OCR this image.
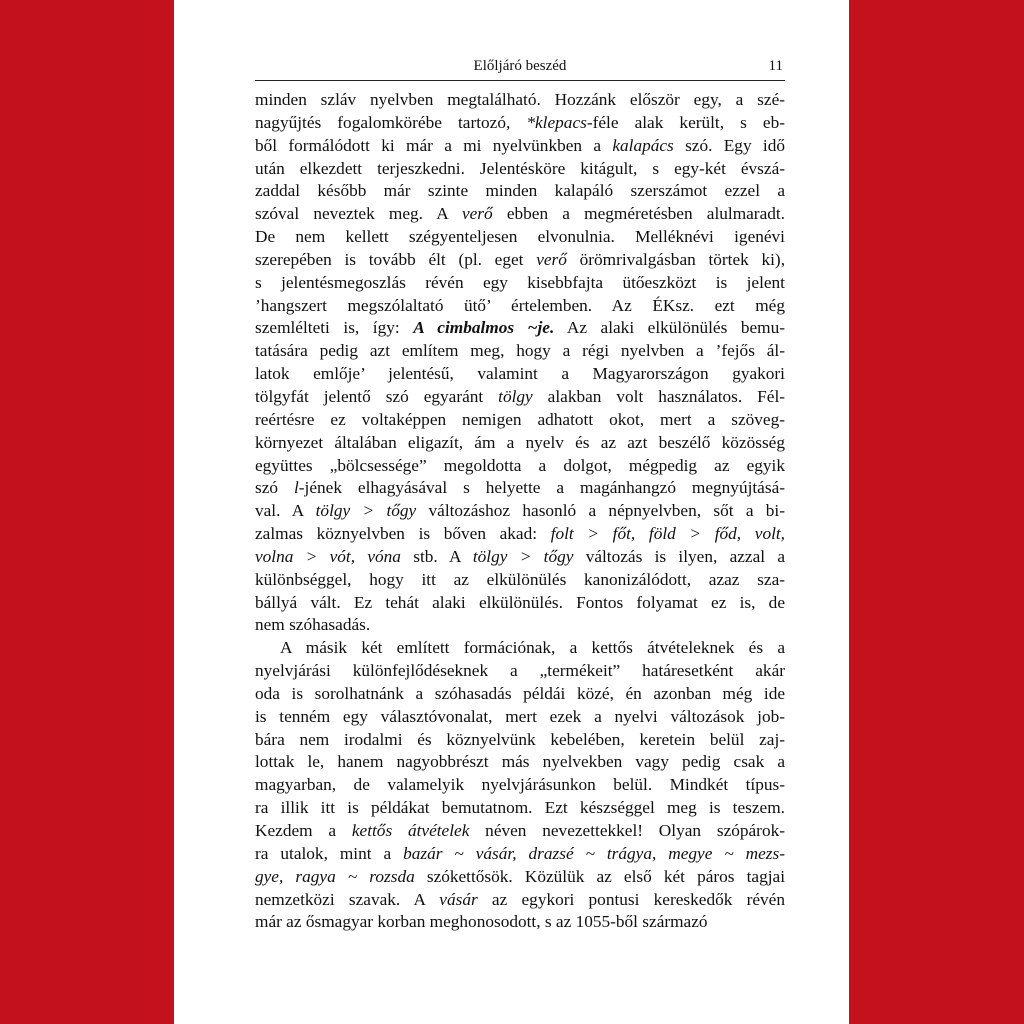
Előljáró beszéd	11
minden szláv nyelvben megtalálható. Hozzánk először egy, a szé-
nagyűjtés fogalomkörébe tartozó, *klepacs-féle alak került, s eb-
ből formálódott ki már a mi nyelvünkben a kalapács szó. Egy idő
után elkezdett terjeszkedni. Jelentésköre kitágult, s egy-két évszá-
zaddal később már szinte minden kalapáló szerszámot ezzel a
szóval neveztek meg. A verő ebben a megméretésben alulmaradt.
De nem kellett szégyenteljesen elvonulnia. Melléknévi igenévi
szerepében is tovább élt (pl. eget verő örömrivalgásban törtek ki),
s jelentésmegoszlás révén egy kisebbfajta ütőeszközt is jelent
’hangszert megszólaltató ütő’ értelemben. Az ÉKsz. ezt még
szemlélteti is, így: A cimbalmos ~je. Az alaki elkülönülés bemu-
tatására pedig azt említem meg, hogy a régi nyelvben a ’fejős ál-
latok emlője’ jelentésű, valamint a Magyarországon gyakori
tölgyfát jelentő szó egyaránt tölgy alakban volt használatos. Fél-
reértésre ez voltaképpen nemigen adhatott okot, mert a szöveg-
környezet általában eligazít, ám a nyelv és az azt beszélő közösség
együttes „bölcsessége” megoldotta a dolgot, mégpedig az egyik
szó l-jének elhagyásával s helyette a magánhangzó megnyújtásá-
val. A tölgy > tőgy változáshoz hasonló a népnyelvben, sőt a bi-
zalmas köznyelvben is bőven akad: folt > főt, föld > főd, volt,
volna > vót, vóna stb. A tölgy > tőgy változás is ilyen, azzal a
különbséggel, hogy itt az elkülönülés kanonizálódott, azaz sza-
bállyá vált. Ez tehát alaki elkülönülés. Fontos folyamat ez is, de
nem szóhasadás.
A másik két említett formációnak, a kettős átvételeknek és a
nyelvjárási különfejlődéseknek a „termékeit” határesetként akár
oda is sorolhatnánk a szóhasadás példái közé, én azonban még ide
is tenném egy választóvonalat, mert ezek a nyelvi változások job-
bára nem irodalmi és köznyelvünk kebelében, keretein belül zaj-
lottak le, hanem nagyobbrészt más nyelvekben vagy pedig csak a
magyarban, de valamelyik nyelvjárásunkon belül. Mindkét típus-
ra illik itt is példákat bemutatnom. Ezt készséggel meg is teszem.
Kezdem a kettős átvételek néven nevezettekkel! Olyan szópárok-
ra utalok, mint a bazár ~ vásár, drazsé ~ trágya, megye ~ mezs-
gye, ragya ~ rozsda szókettősök. Közülük az első két páros tagjai
nemzetközi szavak. A vásár az egykori pontusi kereskedők révén
már az ősmagyar korban meghonosodott, s az 1055-ből származó
